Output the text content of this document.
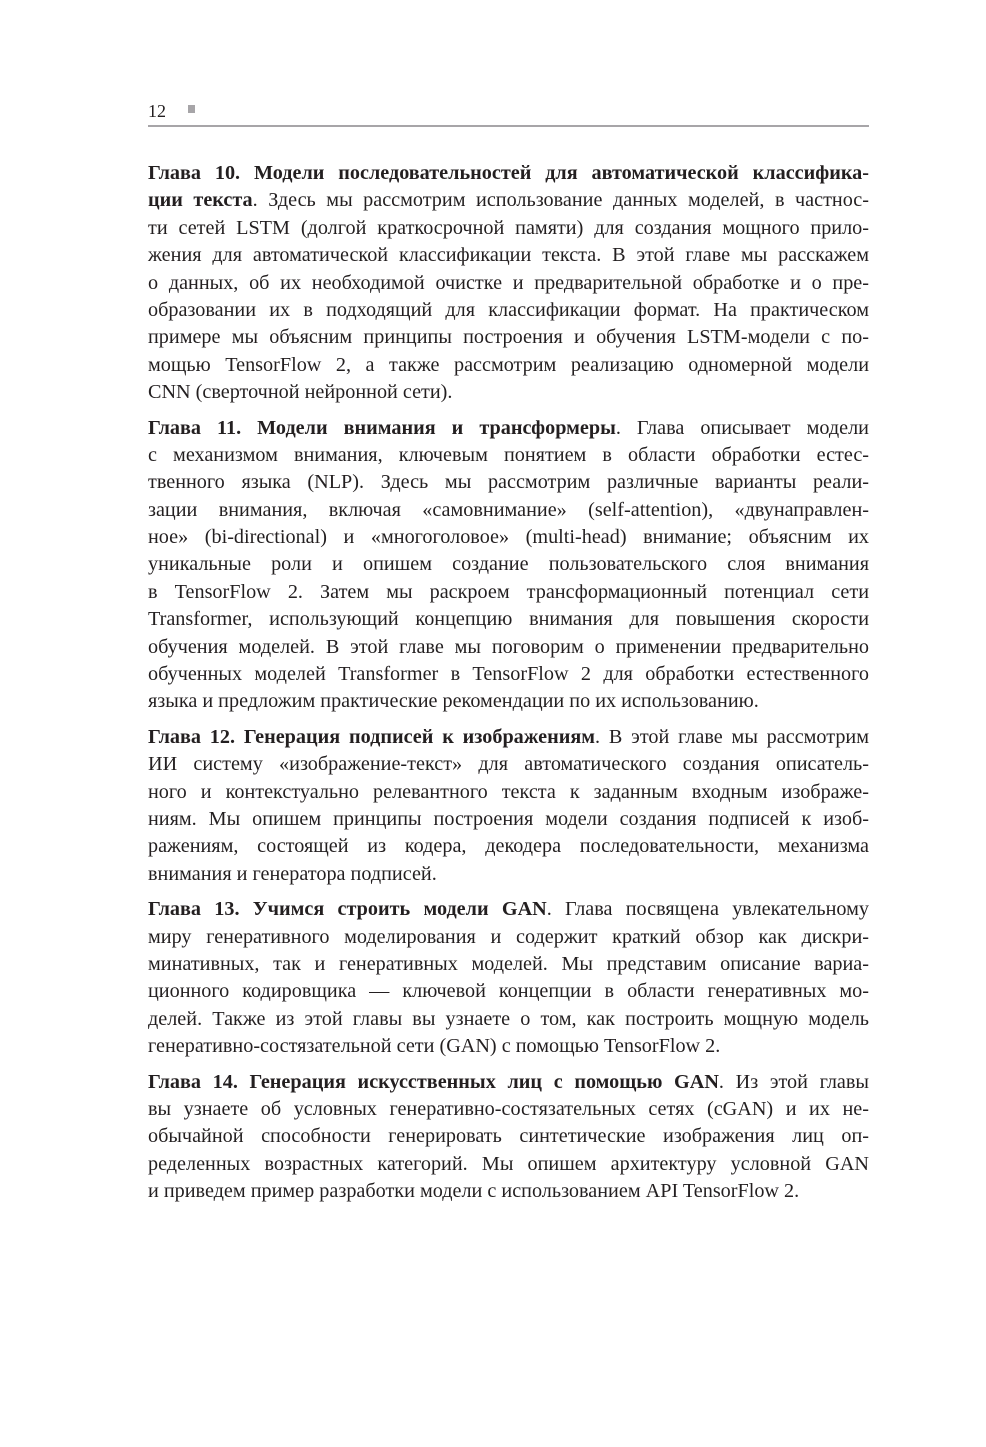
12
Глава 10. Модели последовательностей для автоматической классифика-
ции текста. Здесь мы рассмотрим использование данных моделей, в частнос-
ти сетей LSTM (долгой краткосрочной памяти) для создания мощного прило-
жения для автоматической классификации текста. В этой главе мы расскажем
о данных, об их необходимой очистке и предварительной обработке и о пре-
образовании их в подходящий для классификации формат. На практическом
примере мы объясним принципы построения и обучения LSTM-модели с по-
мощью TensorFlow 2, а также рассмотрим реализацию одномерной модели
CNN (сверточной нейронной сети).
Глава 11. Модели внимания и трансформеры. Глава описывает модели
с механизмом внимания, ключевым понятием в области обработки естес-
твенного языка (NLP). Здесь мы рассмотрим различные варианты реали-
зации внимания, включая «самовнимание» (self-attention), «двунаправлен-
ное» (bi-directional) и «многоголовое» (multi-head) внимание; объясним их
уникальные роли и опишем создание пользовательского слоя внимания
в TensorFlow 2. Затем мы раскроем трансформационный потенциал сети
Transformer, использующий концепцию внимания для повышения скорости
обучения моделей. В этой главе мы поговорим о применении предварительно
обученных моделей Transformer в TensorFlow 2 для обработки естественного
языка и предложим практические рекомендации по их использованию.
Глава 12. Генерация подписей к изображениям. В этой главе мы рассмотрим
ИИ систему «изображение-текст» для автоматического создания описатель-
ного и контекстуально релевантного текста к заданным входным изображе-
ниям. Мы опишем принципы построения модели создания подписей к изоб-
ражениям, состоящей из кодера, декодера последовательности, механизма
внимания и генератора подписей.
Глава 13. Учимся строить модели GAN. Глава посвящена увлекательному
миру генеративного моделирования и содержит краткий обзор как дискри-
минативных, так и генеративных моделей. Мы представим описание вариа-
ционного кодировщика — ключевой концепции в области генеративных мо-
делей. Также из этой главы вы узнаете о том, как построить мощную модель
генеративно-состязательной сети (GAN) с помощью TensorFlow 2.
Глава 14. Генерация искусственных лиц с помощью GAN. Из этой главы
вы узнаете об условных генеративно-состязательных сетях (cGAN) и их не-
обычайной способности генерировать синтетические изображения лиц оп-
ределенных возрастных категорий. Мы опишем архитектуру условной GAN
и приведем пример разработки модели с использованием API TensorFlow 2.
